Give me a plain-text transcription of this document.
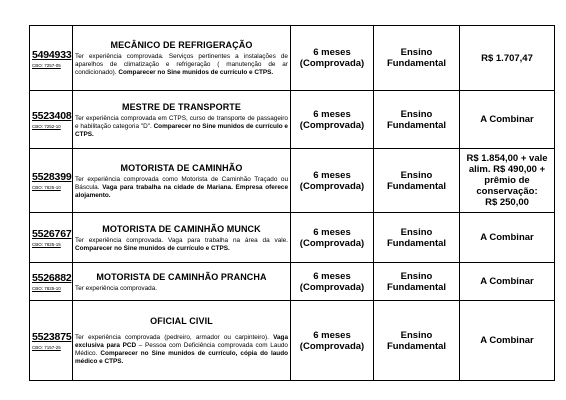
5494933
CBO: 7257-05	MECÂNICO DE REFRIGERAÇÃO
Ter experiência comprovada. Serviços pertinentes a instalações de aparelhos de climatização e refrigeração ( manutenção de ar condicionado). Comparecer no Sine munidos de currículo e CTPS.	6 meses (Comprovada)	Ensino Fundamental	R$ 1.707,47

5523408
CBO: 7252-10	MESTRE DE TRANSPORTE
Ter experiência comprovada em CTPS, curso de transporte de passageiro e habilitação categoria "D". Comparecer no Sine munidos de currículo e CTPS.	6 meses (Comprovada)	Ensino Fundamental	A Combinar

5528399
CBO: 7825-10	MOTORISTA DE CAMINHÃO
Ter experiência comprovada como Motorista de Caminhão Traçado ou Báscula. Vaga para trabalha na cidade de Mariana. Empresa oferece alojamento.	6 meses (Comprovada)	Ensino Fundamental	R$ 1.854,00 + vale
alim. R$ 490,00 +
prêmio de
conservação:
R$ 250,00

5526767
CBO: 7825-15	MOTORISTA DE CAMINHÃO MUNCK
Ter experiência comprovada. Vaga para trabalha na área da vale. Comparecer no Sine munidos de currículo e CTPS.	6 meses (Comprovada)	Ensino Fundamental	A Combinar

5526882
CBO: 7825-10	MOTORISTA DE CAMINHÃO PRANCHA
Ter experiência comprovada.	6 meses (Comprovada)	Ensino Fundamental	A Combinar

5523875
CBO: 7157-25	OFICIAL CIVIL
Ter experiência comprovada (pedreiro, armador ou carpinteiro). Vaga exclusiva para PCD – Pessoa com Deficiência comprovada com Laudo Médico. Comparecer no Sine munidos de currículo, cópia do laudo médico e CTPS.	6 meses (Comprovada)	Ensino Fundamental	A Combinar
